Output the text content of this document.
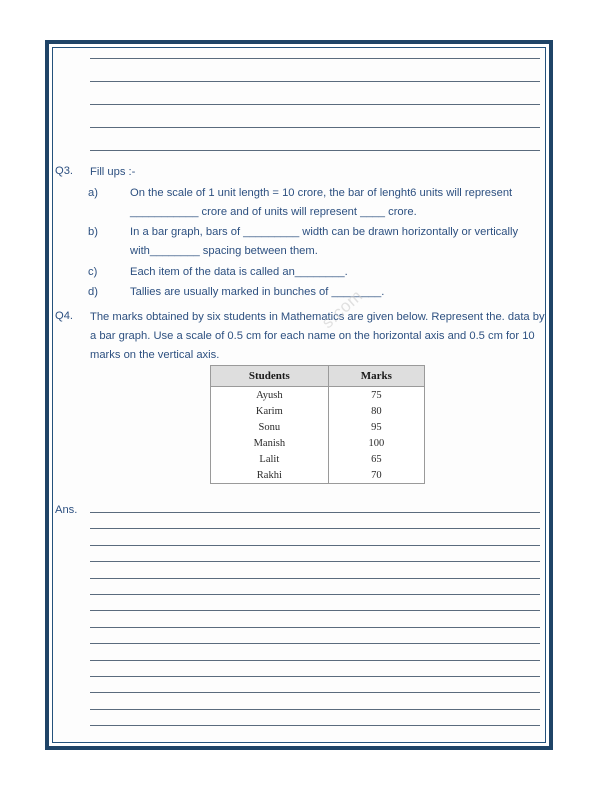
Q3.	Fill ups :-
a)	On the scale of 1 unit length = 10 crore, the bar of lenght6 units will represent ___________ crore and of units will represent ____ crore.
b)	In a bar graph, bars of _________ width can be drawn horizontally or vertically with________ spacing between them.
c)	Each item of the data is called an________.
d)	Tallies are usually marked in bunches of ________.
Q4.	The marks obtained by six students in Mathematics are given below. Represent the. data by a bar graph. Use a scale of 0.5 cm for each name on the horizontal axis and 0.5 cm for 10 marks on the vertical axis.
s.com
Students	Marks
Ayush	75
Karim	80
Sonu	95
Manish	100
Lalit	65
Rakhi	70
Ans.
